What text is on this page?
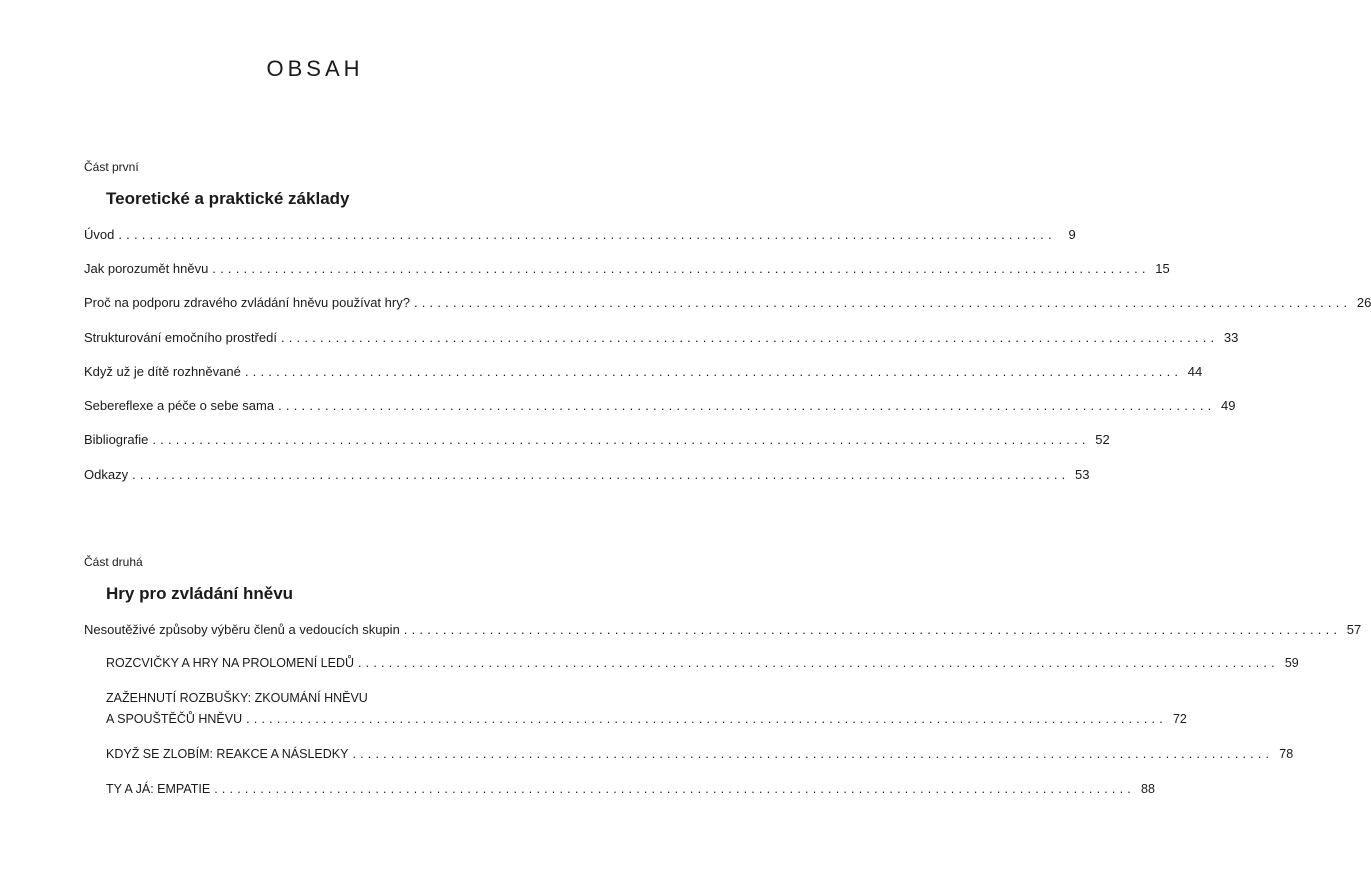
OBSAH
Část první
Teoretické a praktické základy
Úvod ........................................................................................................................ 9
Jak porozumět hněvu ........................................................................................................................ 15
Proč na podporu zdravého zvládání hněvu používat hry? ........................................................................................................................ 26
Strukturování emočního prostředí ........................................................................................................................ 33
Když už je dítě rozhněvané ........................................................................................................................ 44
Sebereflexe a péče o sebe sama ........................................................................................................................ 49
Bibliografie ........................................................................................................................ 52
Odkazy ........................................................................................................................ 53
Část druhá
Hry pro zvládání hněvu
Nesoutěživé způsoby výběru členů a vedoucích skupin ........................................................................................................................ 57
ROZCVIČKY A HRY NA PROLOMENÍ LEDŮ ........................................................................................................................ 59
ZAŽEHNUTÍ ROZBUŠKY: ZKOUMÁNÍ HNĚVU
A SPOUŠTĚČŮ HNĚVU ........................................................................................................................ 72
KDYŽ SE ZLOBÍM: REAKCE A NÁSLEDKY ........................................................................................................................ 78
TY A JÁ: EMPATIE ........................................................................................................................ 88
